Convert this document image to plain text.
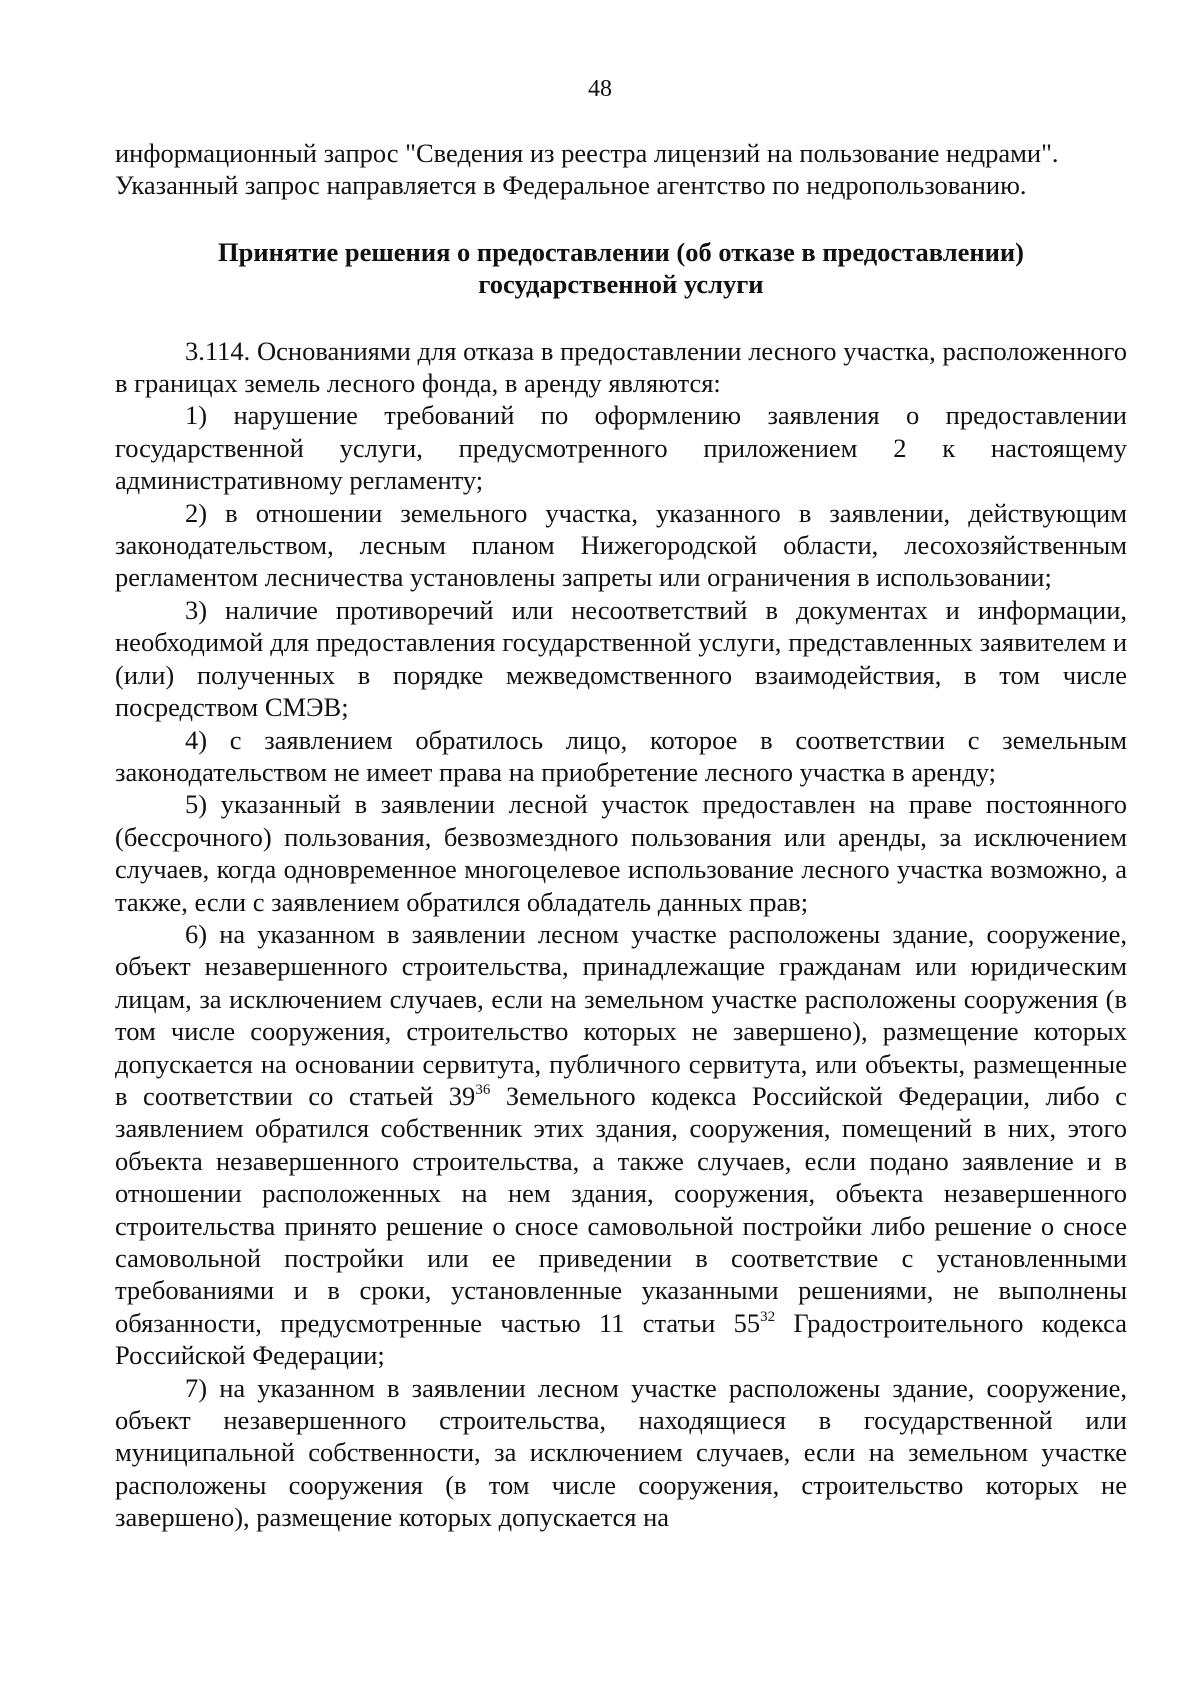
48

информационный запрос "Сведения из реестра лицензий на пользование недрами".

Указанный запрос направляется в Федеральное агентство по недропользованию.

Принятие решения о предоставлении (об отказе в предоставлении)
государственной услуги

3.114. Основаниями для отказа в предоставлении лесного участка, расположенного в границах земель лесного фонда, в аренду являются:

1) нарушение требований по оформлению заявления о предоставлении государственной услуги, предусмотренного приложением 2 к настоящему административному регламенту;

2) в отношении земельного участка, указанного в заявлении, действующим законодательством, лесным планом Нижегородской области, лесохозяйственным регламентом лесничества установлены запреты или ограничения в использовании;

3) наличие противоречий или несоответствий в документах и информации, необходимой для предоставления государственной услуги, представленных заявителем и (или) полученных в порядке межведомственного взаимодействия, в том числе посредством СМЭВ;

4) с заявлением обратилось лицо, которое в соответствии с земельным законодательством не имеет права на приобретение лесного участка в аренду;

5) указанный в заявлении лесной участок предоставлен на праве постоянного (бессрочного) пользования, безвозмездного пользования или аренды, за исключением случаев, когда одновременное многоцелевое использование лесного участка возможно, а также, если с заявлением обратился обладатель данных прав;

6) на указанном в заявлении лесном участке расположены здание, сооружение, объект незавершенного строительства, принадлежащие гражданам или юридическим лицам, за исключением случаев, если на земельном участке расположены сооружения (в том числе сооружения, строительство которых не завершено), размещение которых допускается на основании сервитута, публичного сервитута, или объекты, размещенные в соответствии со статьей $39^{36}$ Земельного кодекса Российской Федерации, либо с заявлением обратился собственник этих здания, сооружения, помещений в них, этого объекта незавершенного строительства, а также случаев, если подано заявление и в отношении расположенных на нем здания, сооружения, объекта незавершенного строительства принято решение о сносе самовольной постройки либо решение о сносе самовольной постройки или ее приведении в соответствие с установленными требованиями и в сроки, установленные указанными решениями, не выполнены обязанности, предусмотренные частью 11 статьи $55^{32}$ Градостроительного кодекса Российской Федерации;

7) на указанном в заявлении лесном участке расположены здание, сооружение, объект незавершенного строительства, находящиеся в государственной или муниципальной собственности, за исключением случаев, если на земельном участке расположены сооружения (в том числе сооружения, строительство которых не завершено), размещение которых допускается на
